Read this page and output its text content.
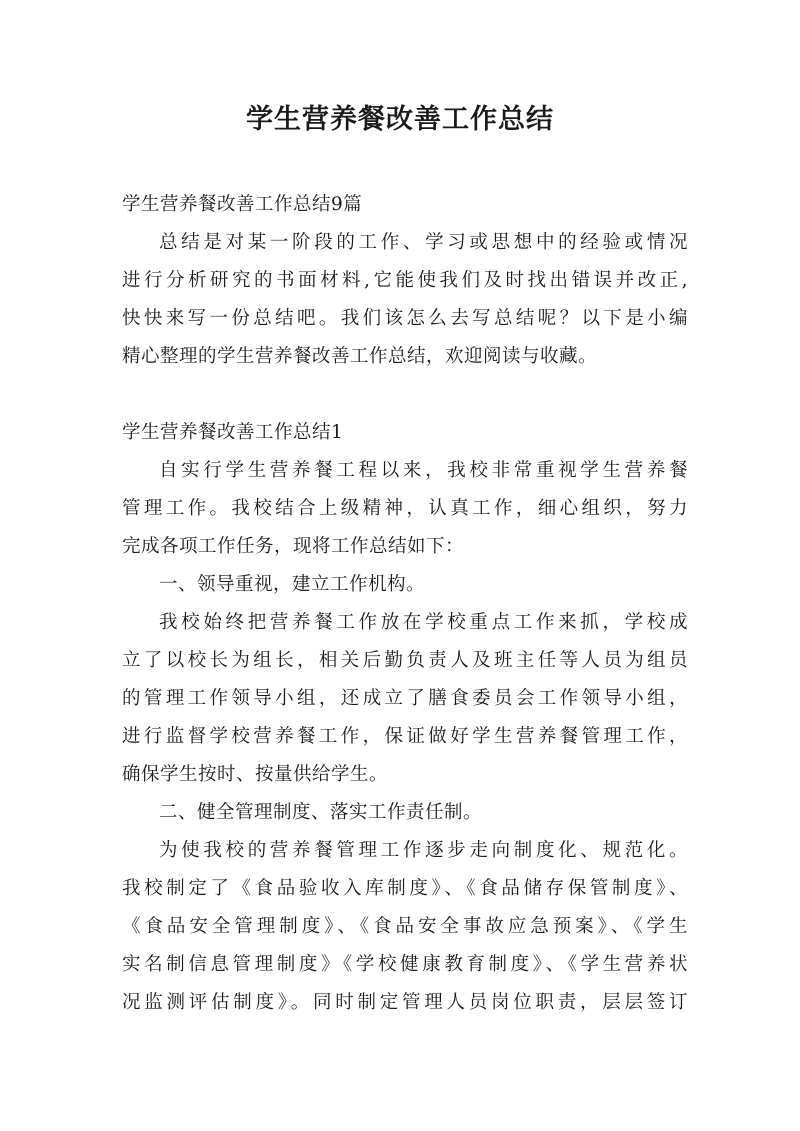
学生营养餐改善工作总结
学生营养餐改善工作总结9篇
总结是对某一阶段的工作、学习或思想中的经验或情况
进行分析研究的书面材料,它能使我们及时找出错误并改正,
快快来写一份总结吧。我们该怎么去写总结呢？以下是小编
精心整理的学生营养餐改善工作总结，欢迎阅读与收藏。
学生营养餐改善工作总结1
自实行学生营养餐工程以来，我校非常重视学生营养餐
管理工作。我校结合上级精神，认真工作，细心组织，努力
完成各项工作任务，现将工作总结如下：
一、领导重视，建立工作机构。
我校始终把营养餐工作放在学校重点工作来抓，学校成
立了以校长为组长，相关后勤负责人及班主任等人员为组员
的管理工作领导小组，还成立了膳食委员会工作领导小组，
进行监督学校营养餐工作，保证做好学生营养餐管理工作，
确保学生按时、按量供给学生。
二、健全管理制度、落实工作责任制。
为使我校的营养餐管理工作逐步走向制度化、规范化。
我校制定了《食品验收入库制度》、《食品储存保管制度》、
《食品安全管理制度》、《食品安全事故应急预案》、《学生
实名制信息管理制度》《学校健康教育制度》、《学生营养状
况监测评估制度》。同时制定管理人员岗位职责，层层签订
